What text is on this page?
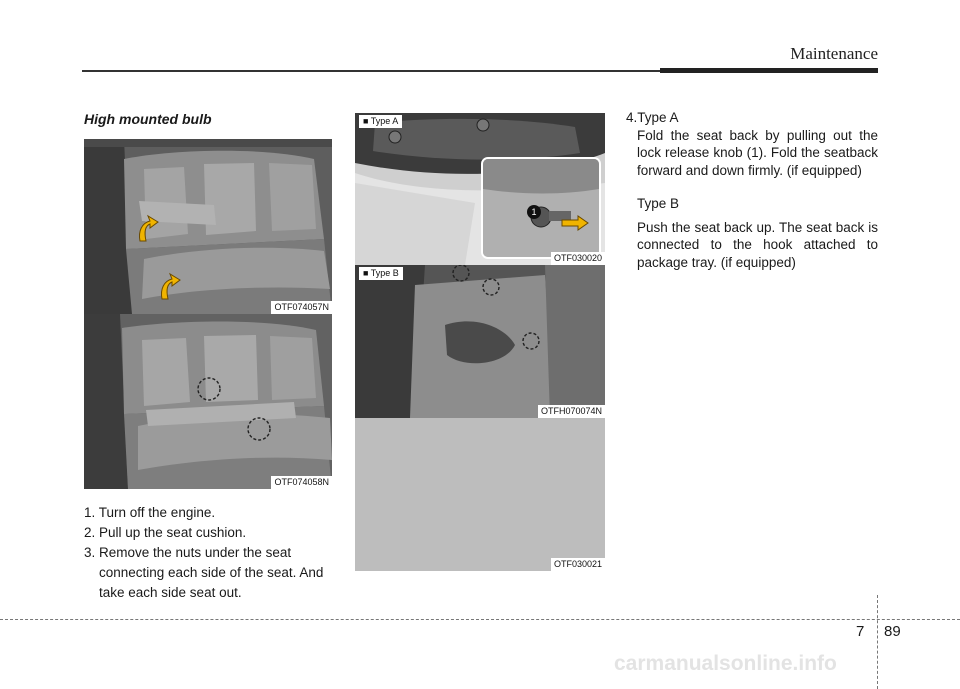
Maintenance
High mounted bulb
OTF074057N
OTF074058N
■ Type A
1
OTF030020
■ Type B
OTFH070074N
OTF030021
1. Turn off the engine.
2. Pull up the seat cushion.
3. Remove the nuts under the seat connecting each side of the seat. And take each side seat out.

4.Type A

Fold the seat back by pulling out the lock release knob (1). Fold the seatback forward and down firmly. (if equipped)

Type B

Push the seat back up. The seat back is connected to the hook attached to package tray. (if equipped)

7 89
carmanualsonline.info
